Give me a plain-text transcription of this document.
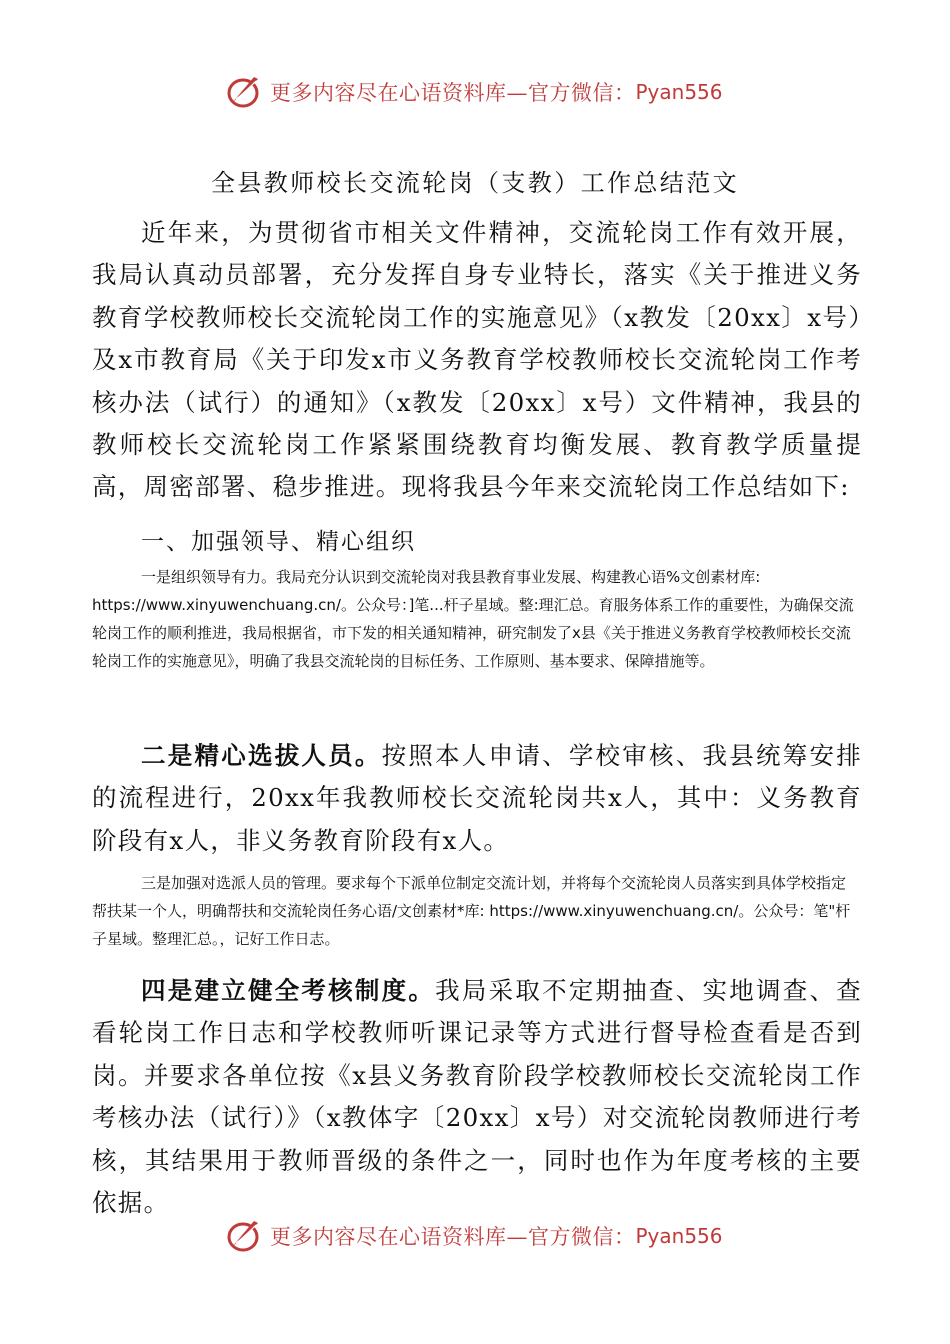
更多内容尽在心语资料库—官方微信： Pyan556
全县教师校长交流轮岗（支教）工作总结范文
近年来，为贯彻省市相关文件精神，交流轮岗工作有效开展，我局认真动员部署，充分发挥自身专业特长，落实《关于推进义务教育学校教师校长交流轮岗工作的实施意见》（x教发〔20xx〕x号）及x市教育局《关于印发x市义务教育学校教师校长交流轮岗工作考核办法（试行）的通知》（x教发〔20xx〕x号）文件精神，我县的教师校长交流轮岗工作紧紧围绕教育均衡发展、教育教学质量提高，周密部署、稳步推进。现将我县今年来交流轮岗工作总结如下:
一、加强领导、精心组织
一是组织领导有力。我局充分认识到交流轮岗对我县教育事业发展、构建教心语%文创素材库: https://www.xinyuwenchuang.cn/。公众号：]笔...杆子星域。整:理汇总。育服务体系工作的重要性，为确保交流轮岗工作的顺利推进，我局根据省，市下发的相关通知精神，研究制发了x县《关于推进义务教育学校教师校长交流轮岗工作的实施意见》，明确了我县交流轮岗的目标任务、工作原则、基本要求、保障措施等。
二是精心选拔人员。按照本人申请、学校审核、我县统筹安排的流程进行，20xx年我教师校长交流轮岗共x人，其中：义务教育阶段有x人，非义务教育阶段有x人。
三是加强对选派人员的管理。要求每个下派单位制定交流计划，并将每个交流轮岗人员落实到具体学校指定帮扶某一个人，明确帮扶和交流轮岗任务心语/文创素材*库: https://www.xinyuwenchuang.cn/。公众号：笔"杆子星域。整理汇总。，记好工作日志。
四是建立健全考核制度。我局采取不定期抽查、实地调查、查看轮岗工作日志和学校教师听课记录等方式进行督导检查看是否到岗。并要求各单位按《x县义务教育阶段学校教师校长交流轮岗工作考核办法（试行）》（x教体字〔20xx〕x号）对交流轮岗教师进行考核，其结果用于教师晋级的条件之一，同时也作为年度考核的主要依据。
更多内容尽在心语资料库—官方微信： Pyan556
